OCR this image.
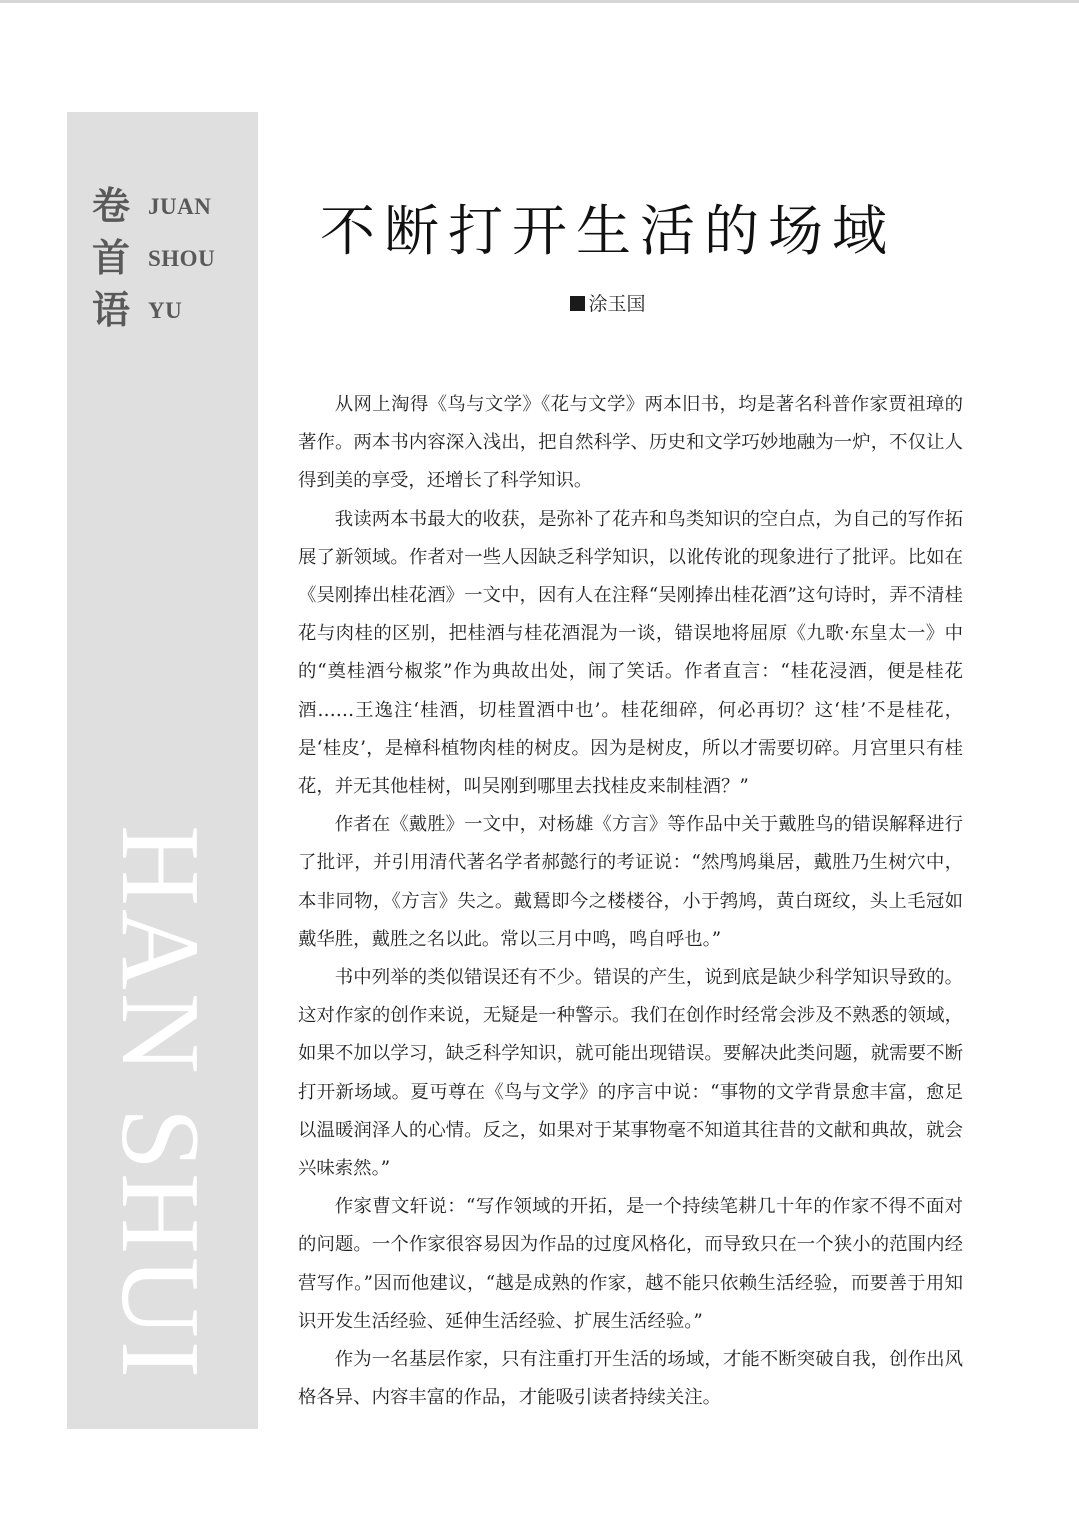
卷 JUAN
首 SHOU
语 YU
HAN SHUI
不断打开生活的场域
涂玉国

从网上淘得《鸟与文学》《花与文学》两本旧书，均是著名科普作家贾祖璋的著作。两本书内容深入浅出，把自然科学、历史和文学巧妙地融为一炉，不仅让人得到美的享受，还增长了科学知识。

我读两本书最大的收获，是弥补了花卉和鸟类知识的空白点，为自己的写作拓展了新领域。作者对一些人因缺乏科学知识，以讹传讹的现象进行了批评。比如在《吴刚捧出桂花酒》一文中，因有人在注释“吴刚捧出桂花酒”这句诗时，弄不清桂花与肉桂的区别，把桂酒与桂花酒混为一谈，错误地将屈原《九歌·东皇太一》中的“奠桂酒兮椒浆”作为典故出处，闹了笑话。作者直言：“桂花浸酒，便是桂花酒……王逸注‘桂酒，切桂置酒中也’。桂花细碎，何必再切？这‘桂’不是桂花，是‘桂皮’，是樟科植物肉桂的树皮。因为是树皮，所以才需要切碎。月宫里只有桂花，并无其他桂树，叫吴刚到哪里去找桂皮来制桂酒？”

作者在《戴胜》一文中，对杨雄《方言》等作品中关于戴胜鸟的错误解释进行了批评，并引用清代著名学者郝懿行的考证说：“然鸤鸠巢居，戴胜乃生树穴中，本非同物，《方言》失之。戴鵟即今之楼楼谷，小于鹁鸠，黄白斑纹，头上毛冠如戴华胜，戴胜之名以此。常以三月中鸣，鸣自呼也。”

书中列举的类似错误还有不少。错误的产生，说到底是缺少科学知识导致的。这对作家的创作来说，无疑是一种警示。我们在创作时经常会涉及不熟悉的领域，如果不加以学习，缺乏科学知识，就可能出现错误。要解决此类问题，就需要不断打开新场域。夏丏尊在《鸟与文学》的序言中说：“事物的文学背景愈丰富，愈足以温暖润泽人的心情。反之，如果对于某事物毫不知道其往昔的文献和典故，就会兴味索然。”

作家曹文轩说：“写作领域的开拓，是一个持续笔耕几十年的作家不得不面对的问题。一个作家很容易因为作品的过度风格化，而导致只在一个狭小的范围内经营写作。”因而他建议，“越是成熟的作家，越不能只依赖生活经验，而要善于用知识开发生活经验、延伸生活经验、扩展生活经验。”

作为一名基层作家，只有注重打开生活的场域，才能不断突破自我，创作出风格各异、内容丰富的作品，才能吸引读者持续关注。
